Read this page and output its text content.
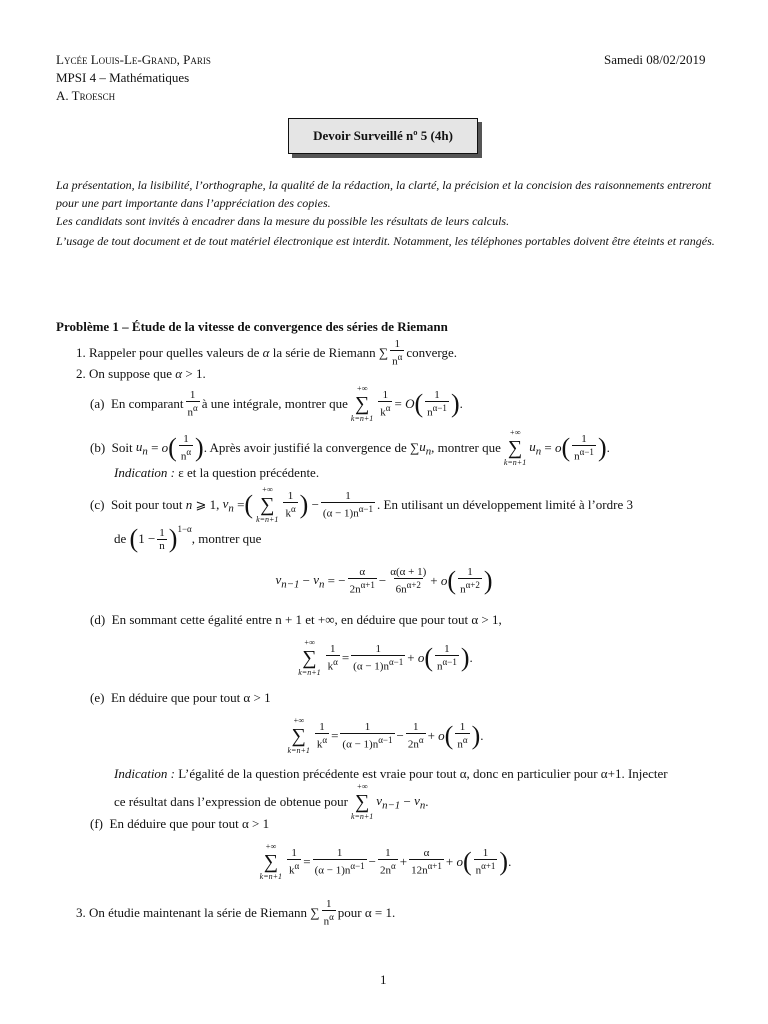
Lycée Louis-Le-Grand, Paris
MPSI 4 – Mathématiques
A. Troesch
Samedi 08/02/2019
Devoir Surveillé nº 5 (4h)
La présentation, la lisibilité, l’orthographe, la qualité de la rédaction, la clarté, la précision et la concision des raisonnements entreront pour une part importante dans l’appréciation des copies.
Les candidats sont invités à encadrer dans la mesure du possible les résultats de leurs calculs.
L’usage de tout document et de tout matériel électronique est interdit. Notamment, les téléphones portables doivent être éteints et rangés.
Problème 1 – Étude de la vitesse de convergence des séries de Riemann
1.
Rappeler pour quelles valeurs de
α
la série de Riemann
∑ $\frac{1}{n^\alpha}$ converge.
2. On suppose que α > 1.
(a)
En comparant $\frac{1}{n^\alpha}$ à une intégrale, montrer que
+∞
∑
$k=n+1 \frac{1}{k^\alpha} = O$ ( $\frac{1}{n^{\alpha-1}}$ ) .
(b)
Soit
$u_n = o$ ( $\frac{1}{n^\alpha}$ ) . Après avoir justifié la convergence de ∑ $u_n$ , montrer que
+∞
∑
k=n+1
$u_n = o$ ( $\frac{1}{n^{\alpha-1}}$ ) .
Indication : ε et la question précédente.
(c)
Soit pour tout
n ⩾ 1, $v_n$ = (
+∞
∑
$k=n+1 \frac{1}{k^\alpha}$ ) − $\frac{1}{(\alpha - 1)n^{\alpha-1}}$ . En utilisant un développement limité à l’ordre 3
de
( $1 - \frac{1}{n} )^{1-\alpha}$
, montrer que
$v_{n-1} - v_n$ = − $\frac{\alpha}{2n^{\alpha+1}} - \frac{\alpha(\alpha + 1)}{6n^{\alpha+2}} + o$ ( $\frac{1}{n^{\alpha+2}}$ )
(d) En sommant cette égalité entre n + 1 et +∞, en déduire que pour tout α > 1,
+∞
∑
$k=n+1 \frac{1}{k^\alpha} = \frac{1}{(\alpha - 1)n^{\alpha-1}} + o$ ( $\frac{1}{n^{\alpha-1}}$ ) .
(e) En déduire que pour tout α > 1
+∞
∑
$k=n+1 \frac{1}{k^\alpha} = \frac{1}{(\alpha - 1)n^{\alpha-1}} - \frac{1}{2n^\alpha} + o$ ( $\frac{1}{n^\alpha}$ ) .
Indication : L’égalité de la question précédente est vraie pour tout α, donc en particulier pour α+1. Injecter
ce résultat dans l’expression de obtenue pour
+∞
∑
k=n+1
$v_{n-1} - v_n$ .
(f) En déduire que pour tout α > 1
+∞
∑
$k=n+1 \frac{1}{k^\alpha} = \frac{1}{(\alpha - 1)n^{\alpha-1}} - \frac{1}{2n^\alpha} + \frac{\alpha}{12n^{\alpha+1}} + o$ ( $\frac{1}{n^{\alpha+1}}$ ) .
3.
On étudie maintenant la série de Riemann ∑ $\frac{1}{n^\alpha}$ pour α = 1.
1
